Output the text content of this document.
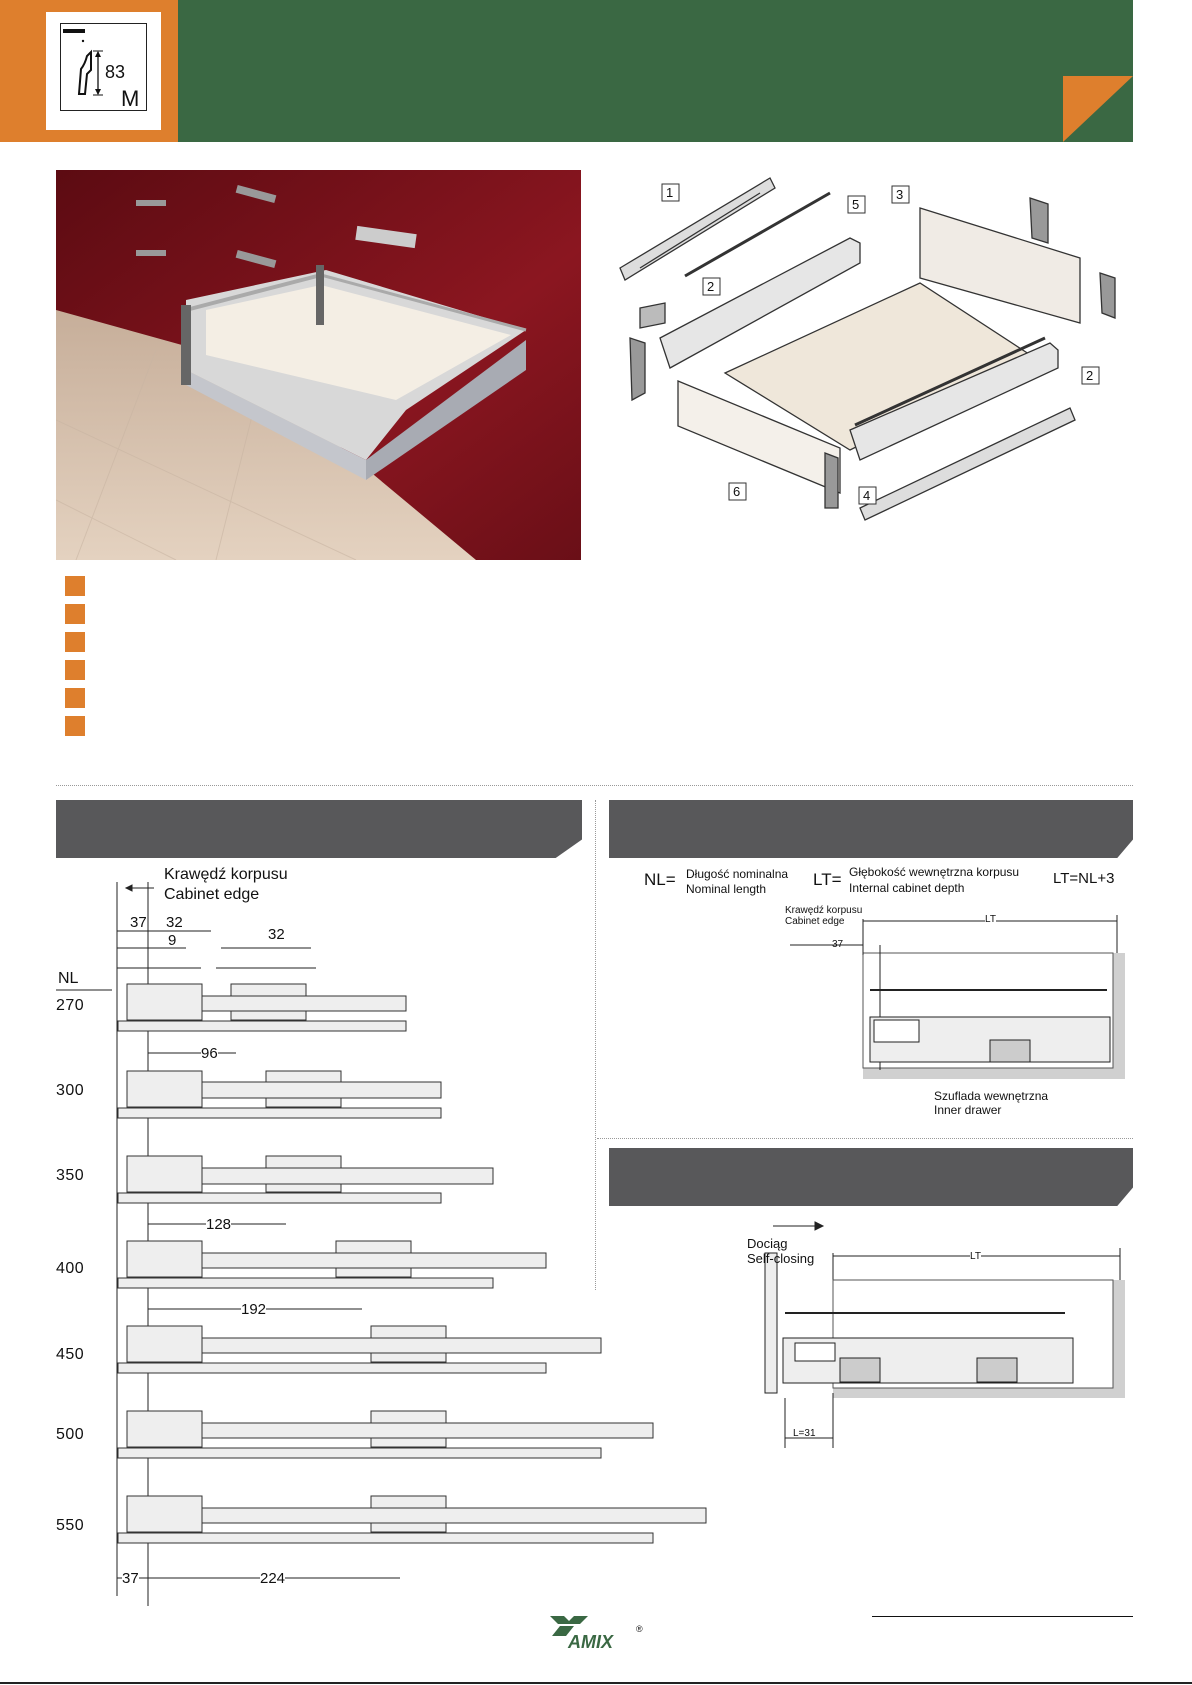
83
M
1
5
3
2
2
6	4
Krawędź korpusu
Cabinet edge
37 32
32
9
NL
270
300
350
400
450
500
550
96
128
192
37	224
NL= Długość nominalna
Nominal length	LT= Głębokość wewnętrzna korpusu
Internal cabinet depth
LT=NL+3
Krawędź korpusu
Cabinet edge	LT
37
Szuflada wewnętrzna
Inner drawer
Dociąg
Self-closing	LT
L=31
AMIX
®
